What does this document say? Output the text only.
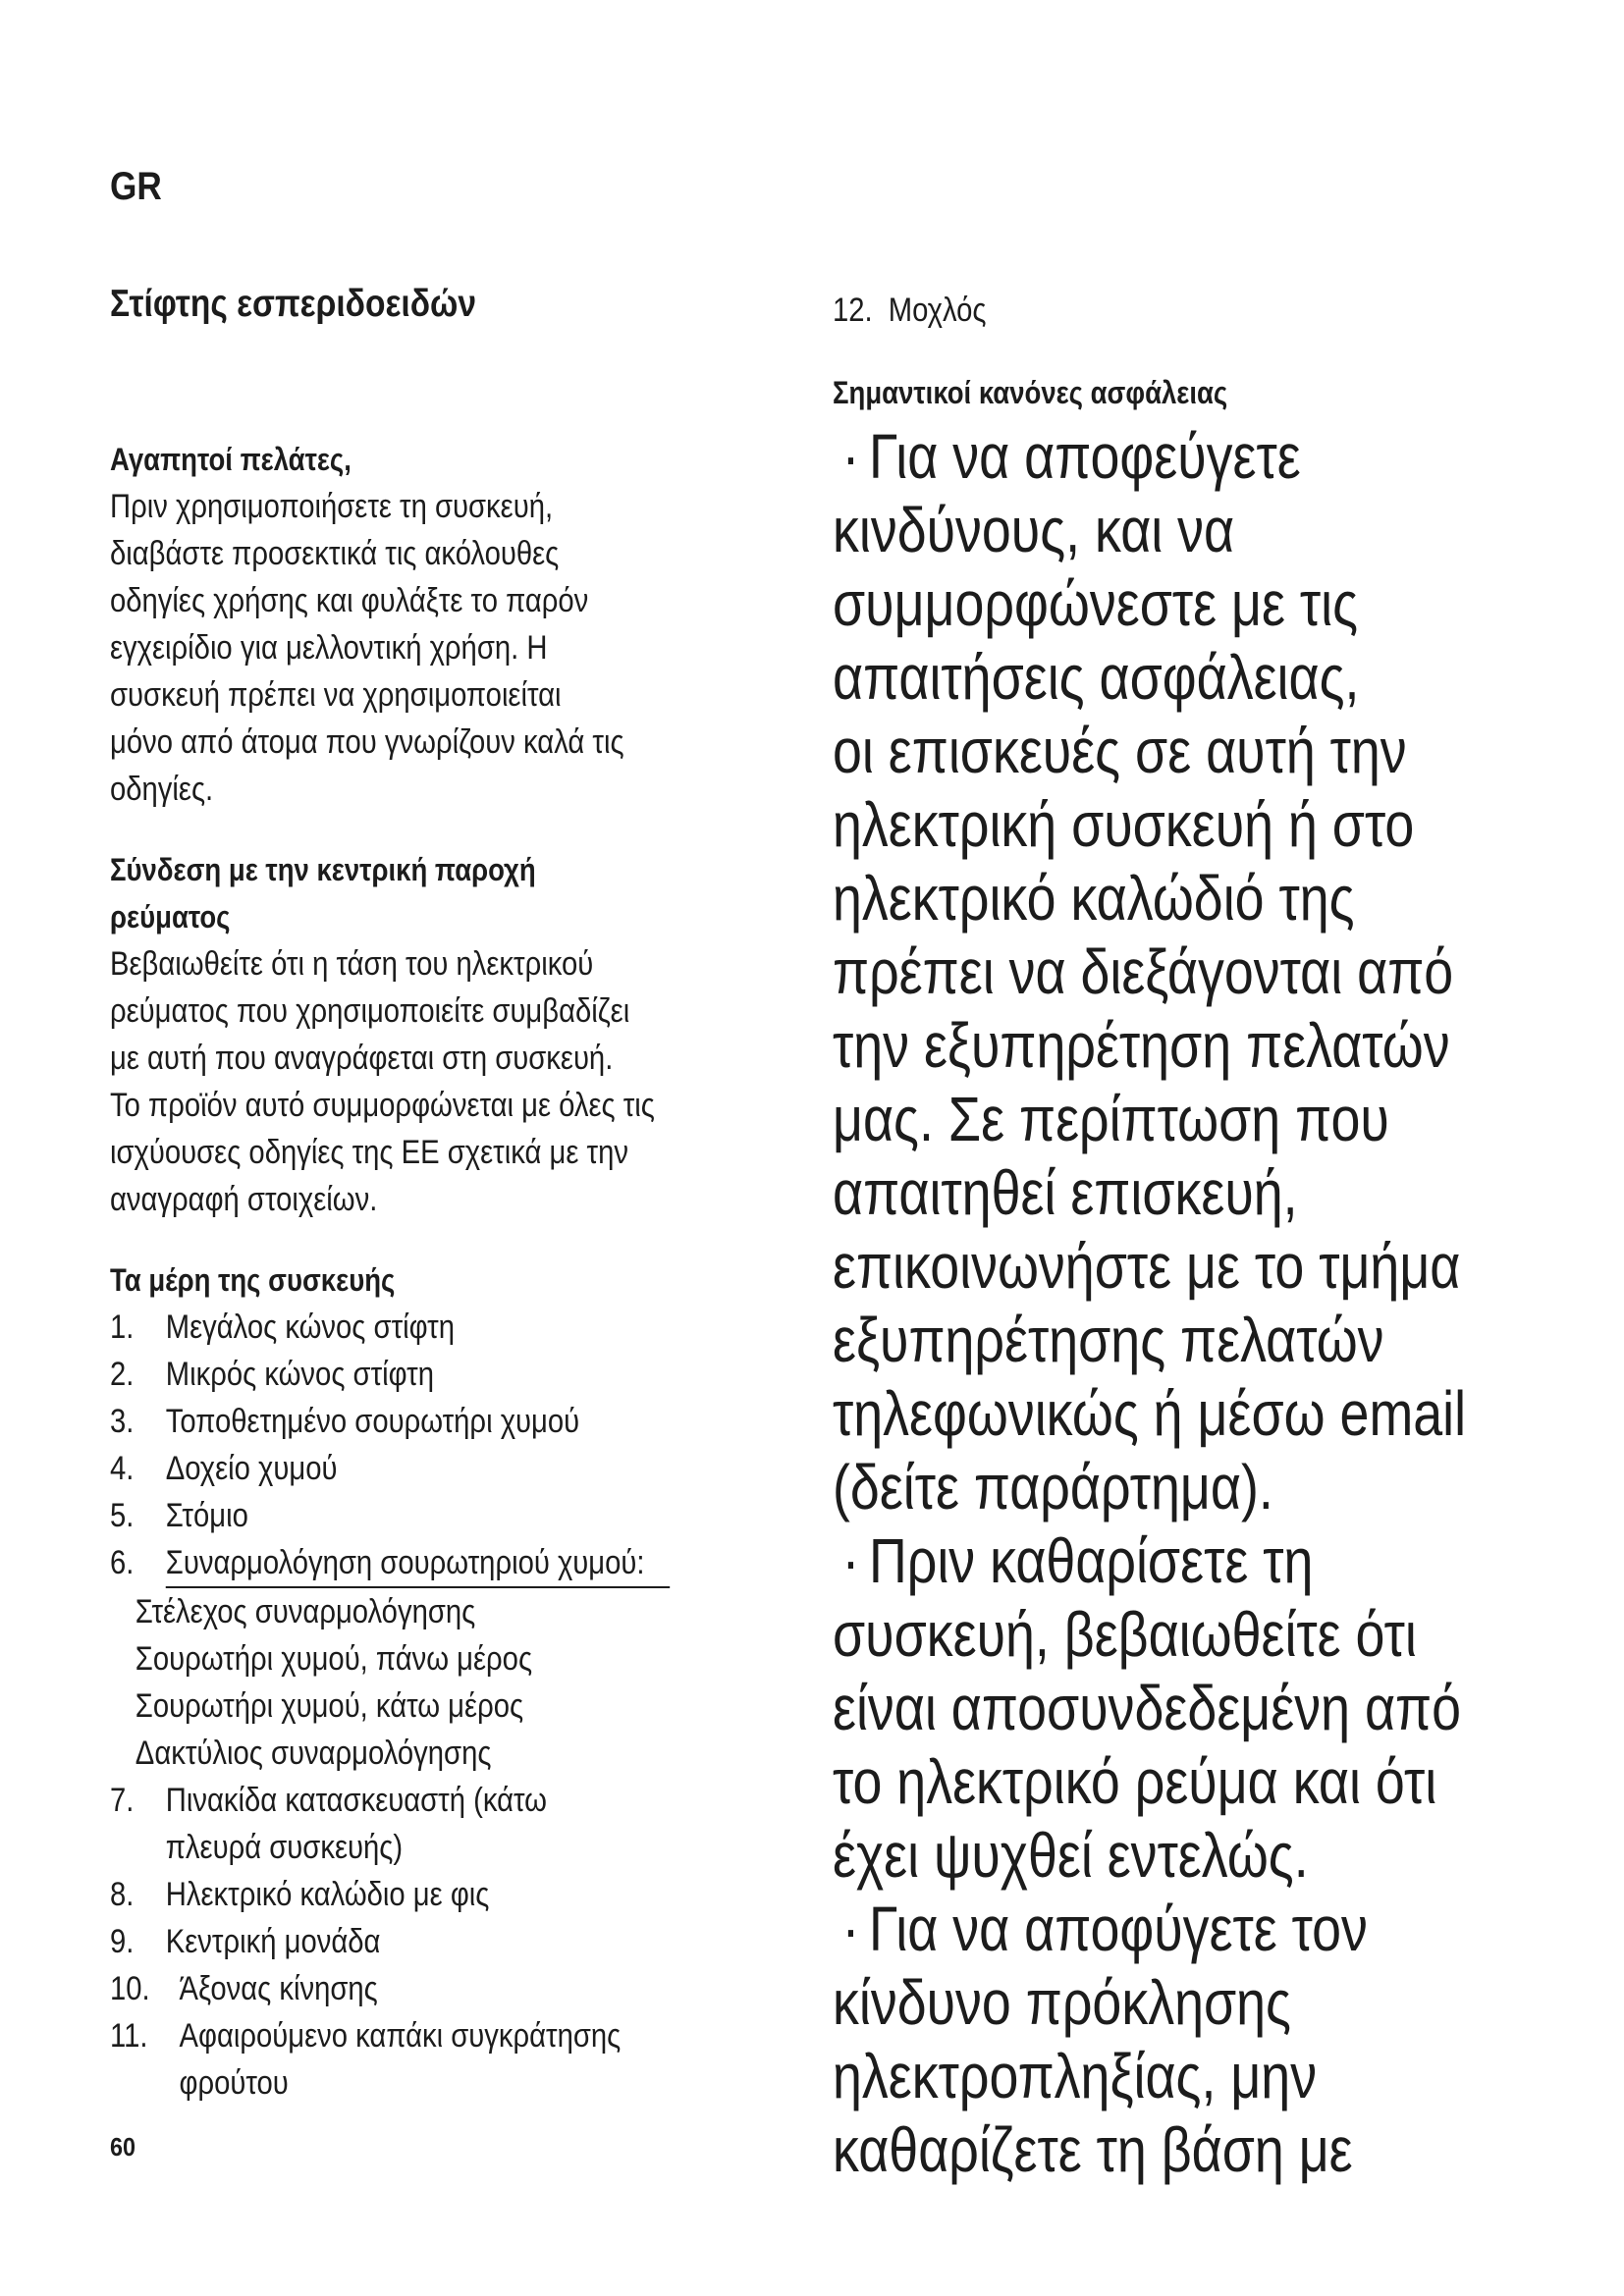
GR
Στίφτης εσπεριδοειδών
Αγαπητοί πελάτες,
Πριν χρησιμοποιήσετε τη συσκευή,
διαβάστε προσεκτικά τις ακόλουθες
οδηγίες χρήσης και φυλάξτε το παρόν
εγχειρίδιο για μελλοντική χρήση. Η
συσκευή πρέπει να χρησιμοποιείται
μόνο από άτομα που γνωρίζουν καλά τις
οδηγίες.
Σύνδεση με την κεντρική παροχή
ρεύματος
Βεβαιωθείτε ότι η τάση του ηλεκτρικού
ρεύματος που χρησιμοποιείτε συμβαδίζει
με αυτή που αναγράφεται στη συσκευή.
Το προϊόν αυτό συμμορφώνεται με όλες τις
ισχύουσες οδηγίες της ΕΕ σχετικά με την
αναγραφή στοιχείων.
Τα μέρη της συσκευής
1. Μεγάλος κώνος στίφτη
2. Μικρός κώνος στίφτη
3. Τοποθετημένο σουρωτήρι χυμού
4. Δοχείο χυμού
5. Στόμιο
6. Συναρμολόγηση σουρωτηριού χυμού:
Στέλεχος συναρμολόγησης
Σουρωτήρι χυμού, πάνω μέρος
Σουρωτήρι χυμού, κάτω μέρος
Δακτύλιος συναρμολόγησης
7. Πινακίδα κατασκευαστή (κάτω
πλευρά συσκευής)
8. Ηλεκτρικό καλώδιο με φις
9. Κεντρική μονάδα
10. Άξονας κίνησης
11. Αφαιρούμενο καπάκι συγκράτησης
φρούτου
60
12. Μοχλός
Σημαντικοί κανόνες ασφάλειας
· Για να αποφεύγετε
κινδύνους, και να
συμμορφώνεστε με τις
απαιτήσεις ασφάλειας,
οι επισκευές σε αυτή την
ηλεκτρική συσκευή ή στο
ηλεκτρικό καλώδιό της
πρέπει να διεξάγονται από
την εξυπηρέτηση πελατών
μας. Σε περίπτωση που
απαιτηθεί επισκευή,
επικοινωνήστε με το τμήμα
εξυπηρέτησης πελατών
τηλεφωνικώς ή μέσω email
(δείτε παράρτημα).
· Πριν καθαρίσετε τη
συσκευή, βεβαιωθείτε ότι
είναι αποσυνδεδεμένη από
το ηλεκτρικό ρεύμα και ότι
έχει ψυχθεί εντελώς.
· Για να αποφύγετε τον
κίνδυνο πρόκλησης
ηλεκτροπληξίας, μην
καθαρίζετε τη βάση με
